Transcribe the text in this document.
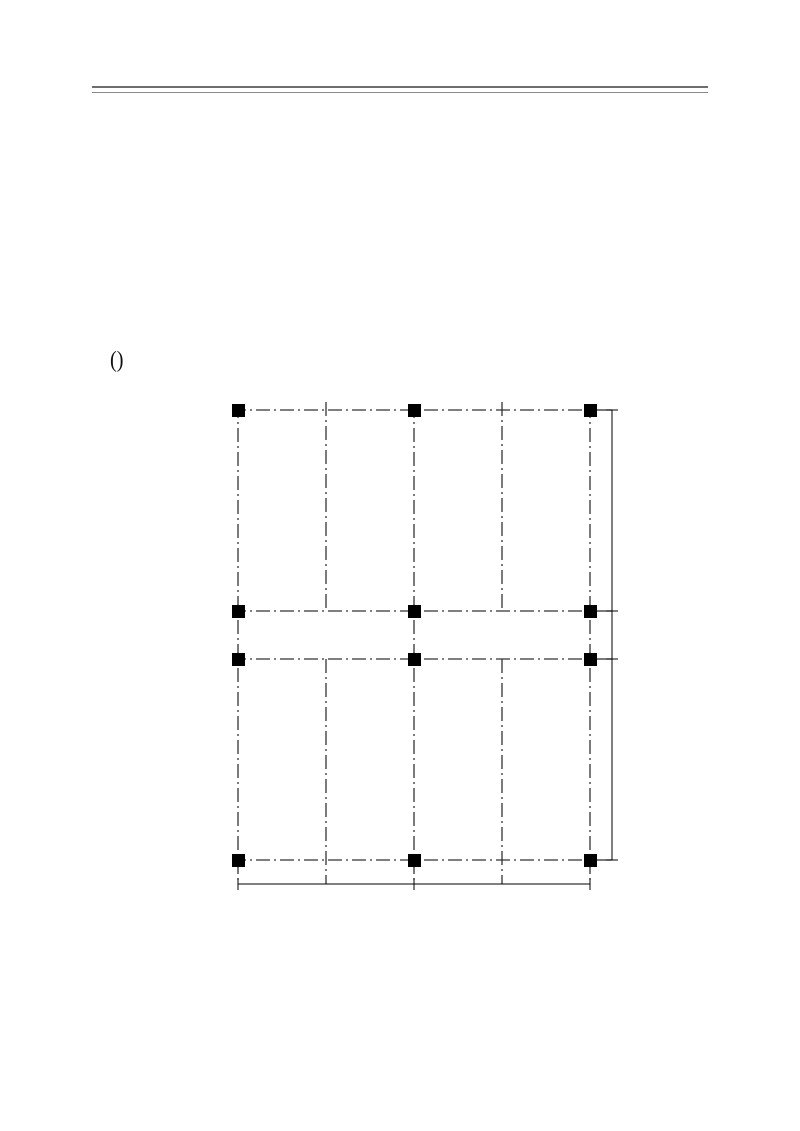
()
